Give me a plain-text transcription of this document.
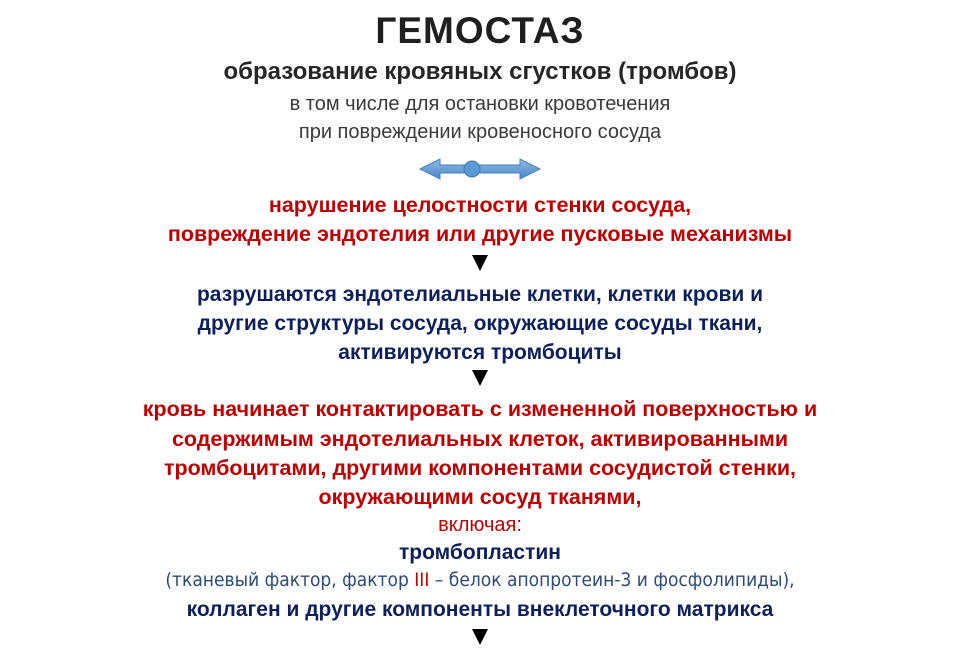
ГЕМОСТАЗ
образование кровяных сгустков (тромбов)
в том числе для остановки кровотечения
при повреждении кровеносного сосуда
нарушение целостности стенки сосуда,
повреждение эндотелия или другие пусковые механизмы
разрушаются эндотелиальные клетки, клетки крови и
другие структуры сосуда, окружающие сосуды ткани,
активируются тромбоциты
кровь начинает контактировать с измененной поверхностью и
содержимым эндотелиальных клеток, активированными
тромбоцитами, другими компонентами сосудистой стенки,
окружающими сосуд тканями,
включая:
тромбопластин
(тканевый фактор, фактор III – белок апопротеин-3 и фосфолипиды),
коллаген и другие компоненты внеклеточного матрикса
